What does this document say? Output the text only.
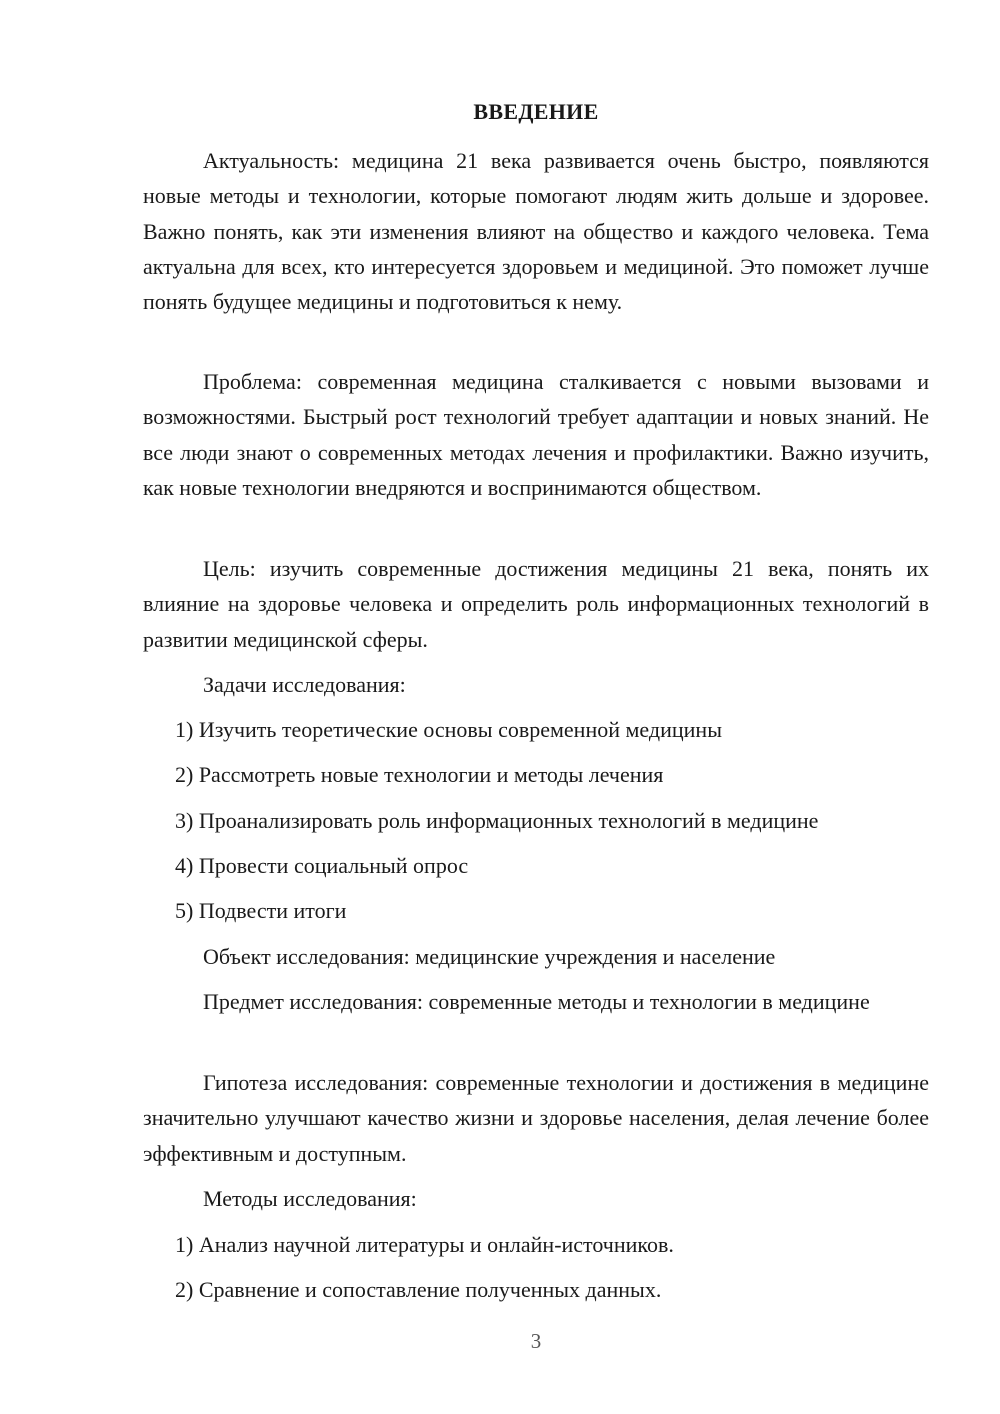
ВВЕДЕНИЕ

Актуальность: медицина 21 века развивается очень быстро, появляются новые методы и технологии, которые помогают людям жить дольше и здоровее. Важно понять, как эти изменения влияют на общество и каждого человека. Тема актуальна для всех, кто интересуется здоровьем и медициной. Это поможет лучше понять будущее медицины и подготовиться к нему.

Проблема: современная медицина сталкивается с новыми вызовами и возможностями. Быстрый рост технологий требует адаптации и новых знаний. Не все люди знают о современных методах лечения и профилактики. Важно изучить, как новые технологии внедряются и воспринимаются обществом.

Цель: изучить современные достижения медицины 21 века, понять их влияние на здоровье человека и определить роль информационных технологий в развитии медицинской сферы.

Задачи исследования:

1) Изучить теоретические основы современной медицины

2) Рассмотреть новые технологии и методы лечения

3) Проанализировать роль информационных технологий в медицине

4) Провести социальный опрос

5) Подвести итоги

Объект исследования: медицинские учреждения и население

Предмет исследования: современные методы и технологии в медицине

Гипотеза исследования: современные технологии и достижения в медицине значительно улучшают качество жизни и здоровье населения, делая лечение более эффективным и доступным.

Методы исследования:

1) Анализ научной литературы и онлайн-источников.

2) Сравнение и сопоставление полученных данных.

3
